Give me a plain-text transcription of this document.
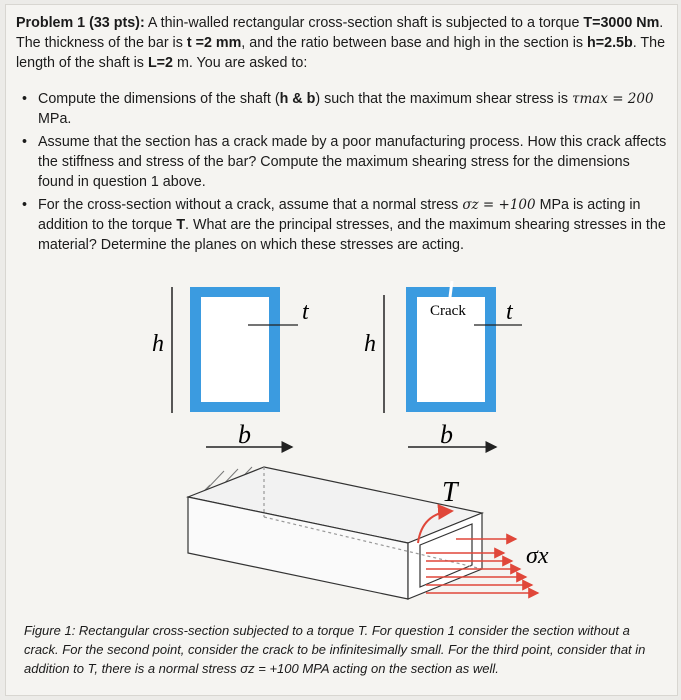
Problem 1 (33 pts): A thin-walled rectangular cross-section shaft is subjected to a torque T=3000 Nm. The thickness of the bar is t =2 mm, and the ratio between base and high in the section is h=2.5b. The length of the shaft is L=2 m. You are asked to:
• Compute the dimensions of the shaft (h & b) such that the maximum shear stress is τmax = 200 MPa.
• Assume that the section has a crack made by a poor manufacturing process. How this crack affects the stiffness and stress of the bar? Compute the maximum shearing stress for the dimensions found in question 1 above.
• For the cross-section without a crack, assume that a normal stress σz = +100 MPa is acting in addition to the torque T. What are the principal stresses, and the maximum shearing stresses in the material? Determine the planes on which these stresses are acting.
h
t
b
h
Crack t
b
T
σx
Figure 1: Rectangular cross-section subjected to a torque T. For question 1 consider the section without a crack. For the second point, consider the crack to be infinitesimally small. For the third point, consider that in addition to T, there is a normal stress σz = +100 MPA acting on the section as well.
